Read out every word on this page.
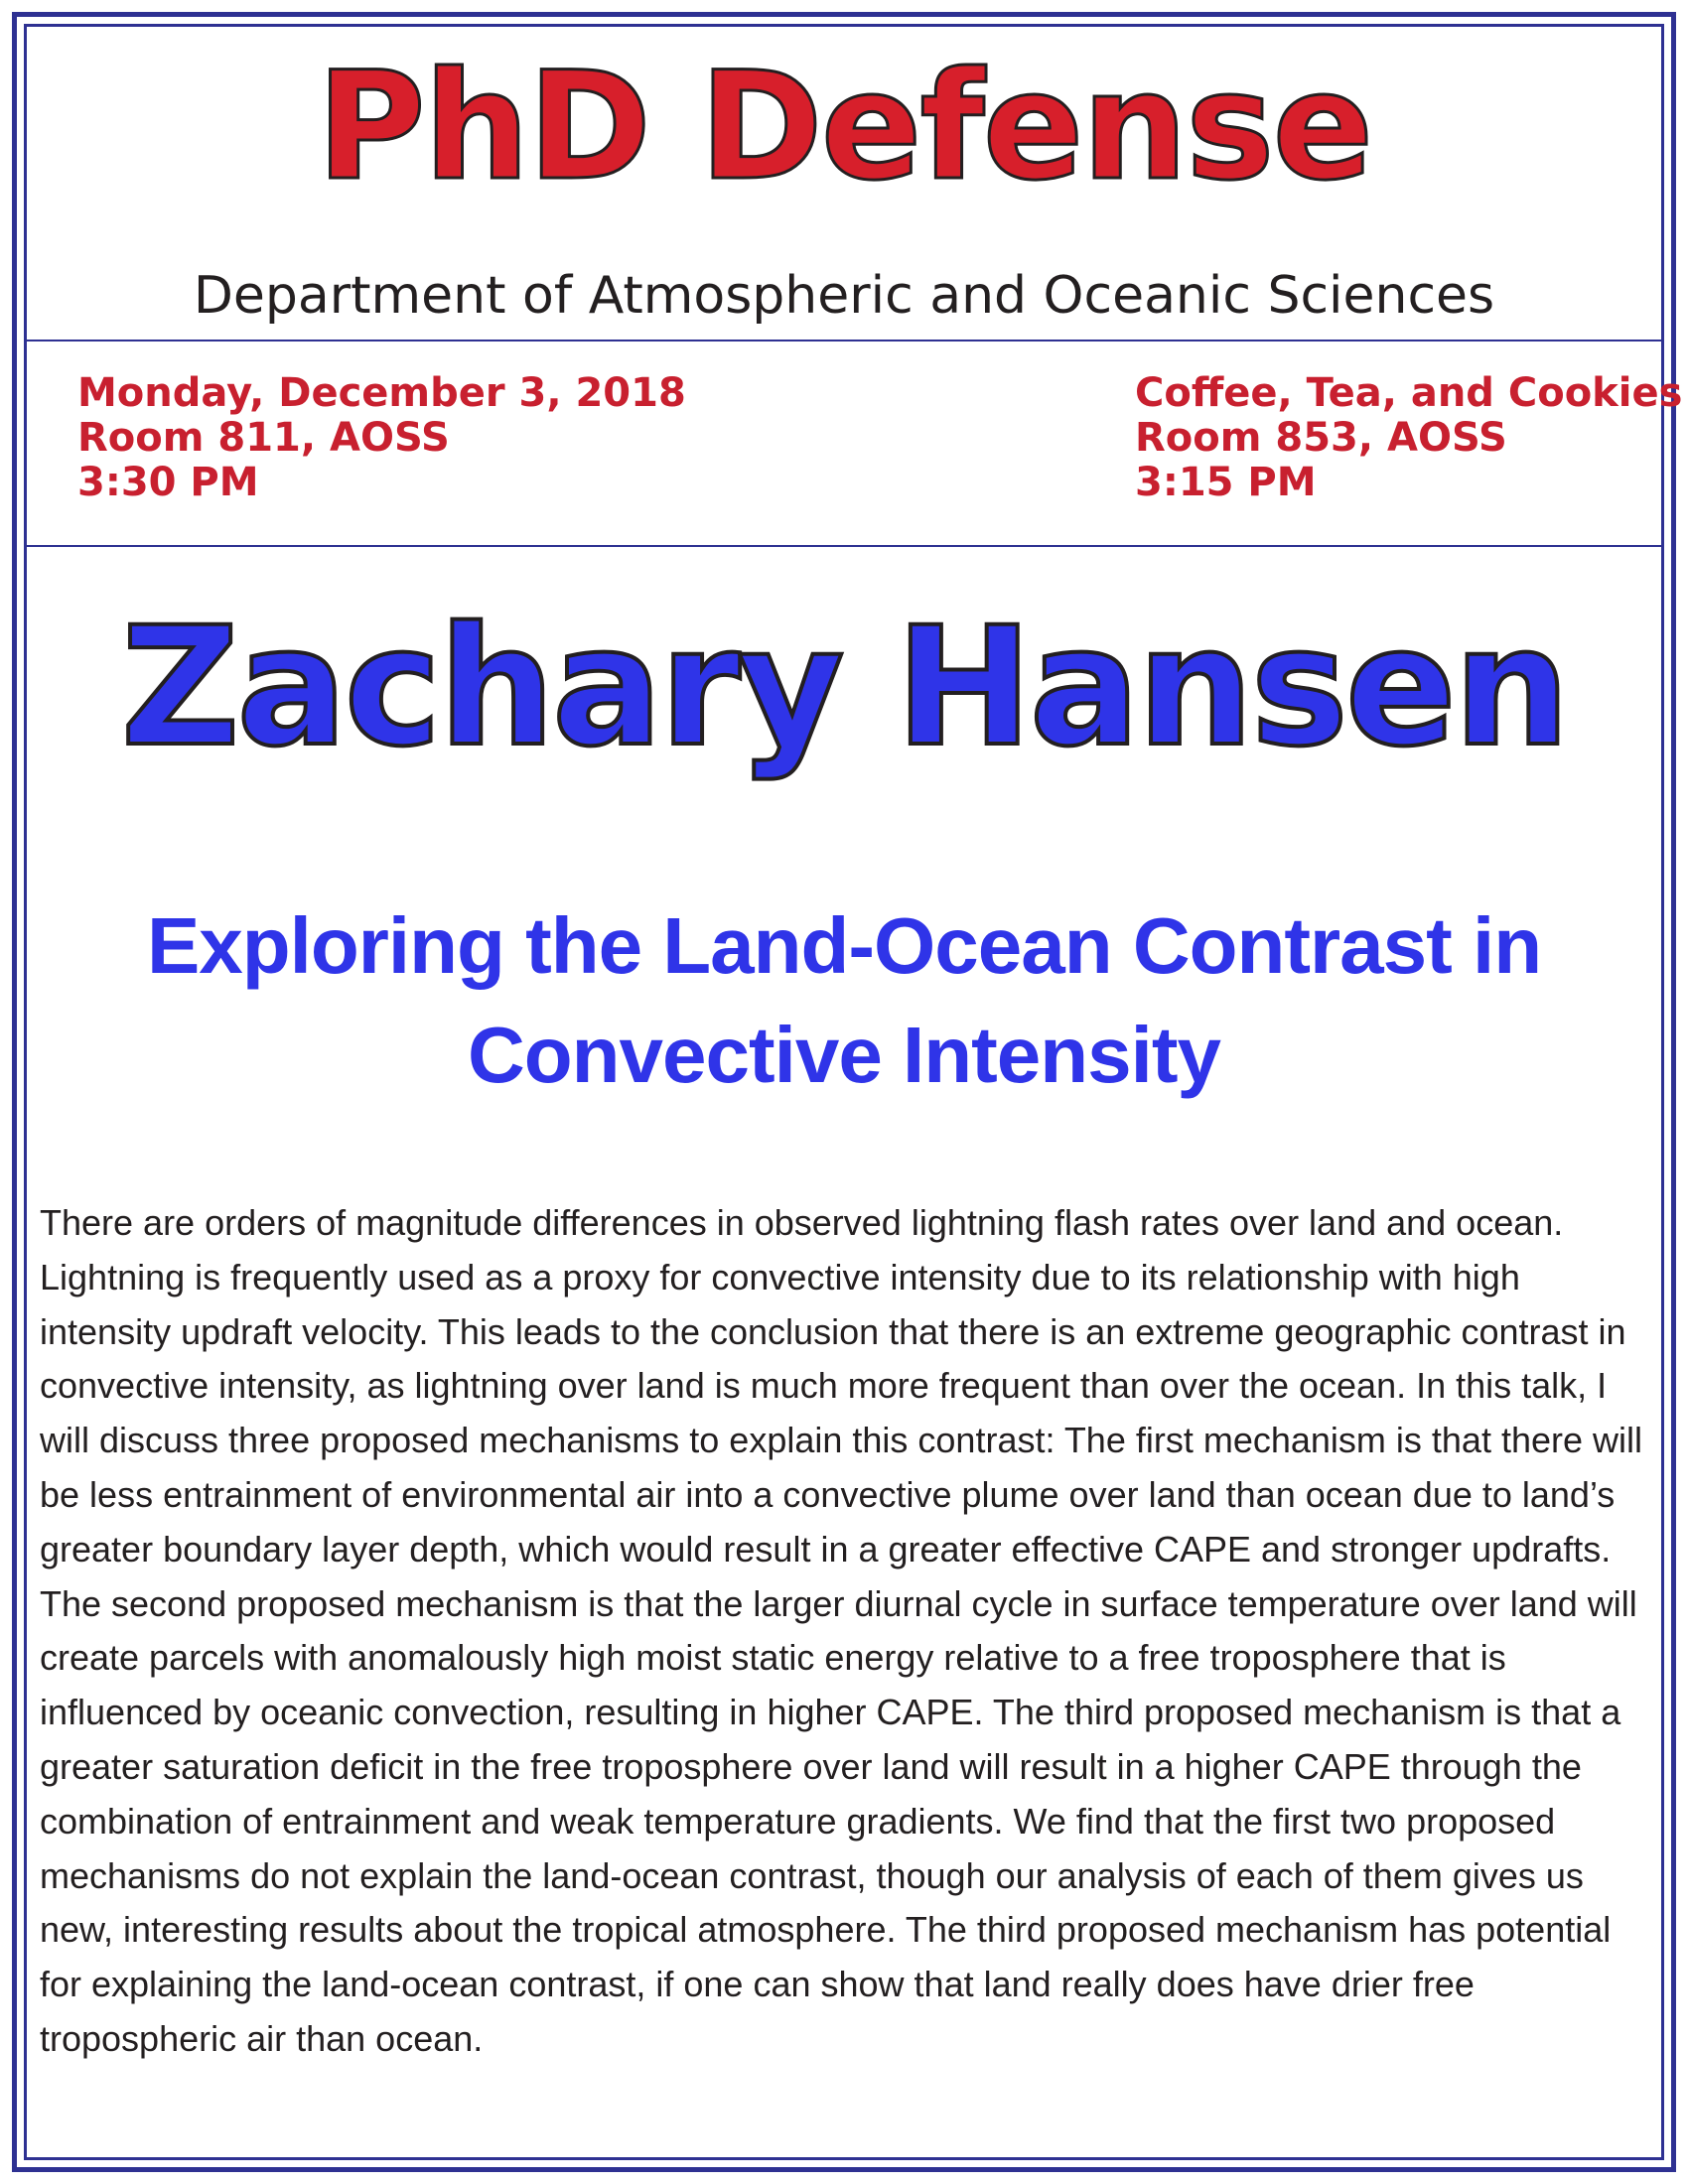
PhD Defense
Department of Atmospheric and Oceanic Sciences
Monday, December 3, 2018
Room 811, AOSS
3:30 PM
Coffee, Tea, and Cookies
Room 853, AOSS
3:15 PM
Zachary Hansen
Exploring the Land-Ocean Contrast in Convective Intensity
There are orders of magnitude differences in observed lightning flash rates over land and ocean. Lightning is frequently used as a proxy for convective intensity due to its relationship with high intensity updraft velocity. This leads to the conclusion that there is an extreme geographic contrast in convective intensity, as lightning over land is much more frequent than over the ocean. In this talk, I will discuss three proposed mechanisms to explain this contrast: The first mechanism is that there will be less entrainment of environmental air into a convective plume over land than ocean due to land’s greater boundary layer depth, which would result in a greater effective CAPE and stronger updrafts. The second proposed mechanism is that the larger diurnal cycle in surface temperature over land will create parcels with anomalously high moist static energy relative to a free troposphere that is influenced by oceanic convection, resulting in higher CAPE. The third proposed mechanism is that a greater saturation deficit in the free troposphere over land will result in a higher CAPE through the combination of entrainment and weak temperature gradients. We find that the first two proposed mechanisms do not explain the land-ocean contrast, though our analysis of each of them gives us new, interesting results about the tropical atmosphere. The third proposed mechanism has potential for explaining the land-ocean contrast, if one can show that land really does have drier free tropospheric air than ocean.
